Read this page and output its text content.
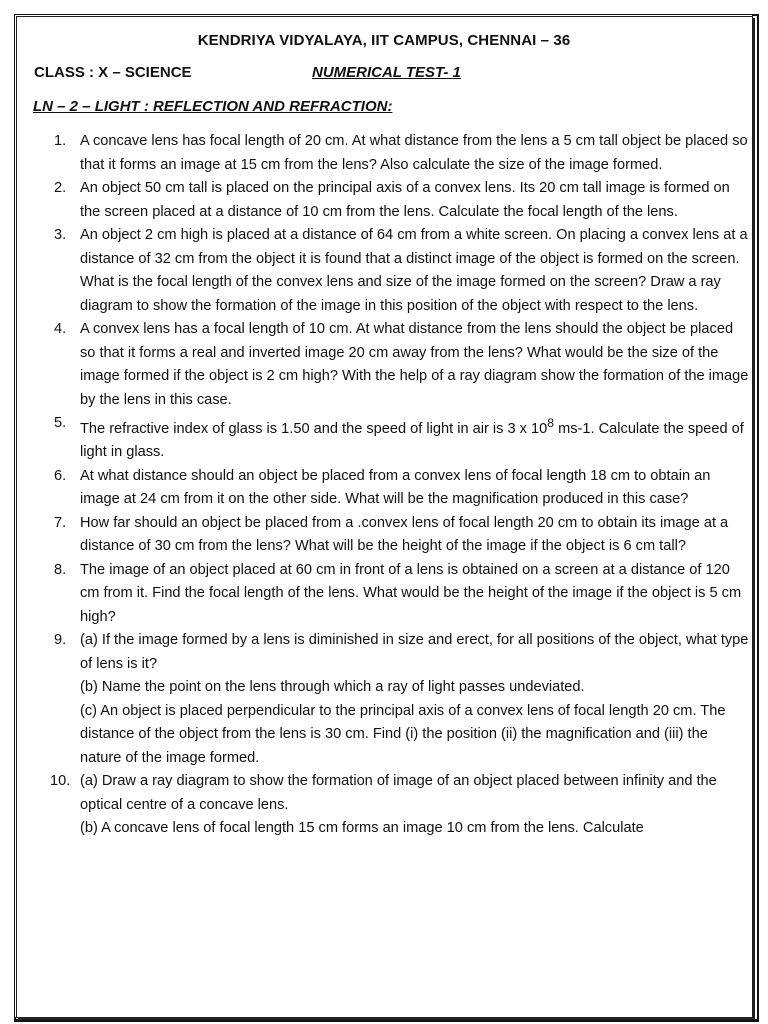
KENDRIYA VIDYALAYA, IIT CAMPUS, CHENNAI – 36
CLASS : X – SCIENCE	NUMERICAL TEST- 1
LN – 2 – LIGHT : REFLECTION AND REFRACTION:
1. A concave lens has focal length of 20 cm. At what distance from the lens a 5 cm tall object be placed so that it forms an image at 15 cm from the lens? Also calculate the size of the image formed.
2. An object 50 cm tall is placed on the principal axis of a convex lens. Its 20 cm tall image is formed on the screen placed at a distance of 10 cm from the lens. Calculate the focal length of the lens.
3. An object 2 cm high is placed at a distance of 64 cm from a white screen. On placing a convex lens at a distance of 32 cm from the object it is found that a distinct image of the object is formed on the screen. What is the focal length of the convex lens and size of the image formed on the screen? Draw a ray diagram to show the formation of the image in this position of the object with respect to the lens.
4. A convex lens has a focal length of 10 cm. At what distance from the lens should the object be placed so that it forms a real and inverted image 20 cm away from the lens? What would be the size of the image formed if the object is 2 cm high? With the help of a ray diagram show the formation of the image by the lens in this case.
5. The refractive index of glass is 1.50 and the speed of light in air is 3 x $10^8$ ms-1. Calculate the speed of light in glass.
6. At what distance should an object be placed from a convex lens of focal length 18 cm to obtain an image at 24 cm from it on the other side. What will be the magnification produced in this case?
7. How far should an object be placed from a .convex lens of focal length 20 cm to obtain its image at a distance of 30 cm from the lens? What will be the height of the image if the object is 6 cm tall?
8. The image of an object placed at 60 cm in front of a lens is obtained on a screen at a distance of 120 cm from it. Find the focal length of the lens. What would be the height of the image if the object is 5 cm high?
9. (a) If the image formed by a lens is diminished in size and erect, for all positions of the object, what type of lens is it?
(b) Name the point on the lens through which a ray of light passes undeviated.
(c) An object is placed perpendicular to the principal axis of a convex lens of focal length 20 cm. The distance of the object from the lens is 30 cm. Find (i) the position (ii) the magnification and (iii) the nature of the image formed.
10. (a) Draw a ray diagram to show the formation of image of an object placed between infinity and the optical centre of a concave lens.
(b) A concave lens of focal length 15 cm forms an image 10 cm from the lens. Calculate
